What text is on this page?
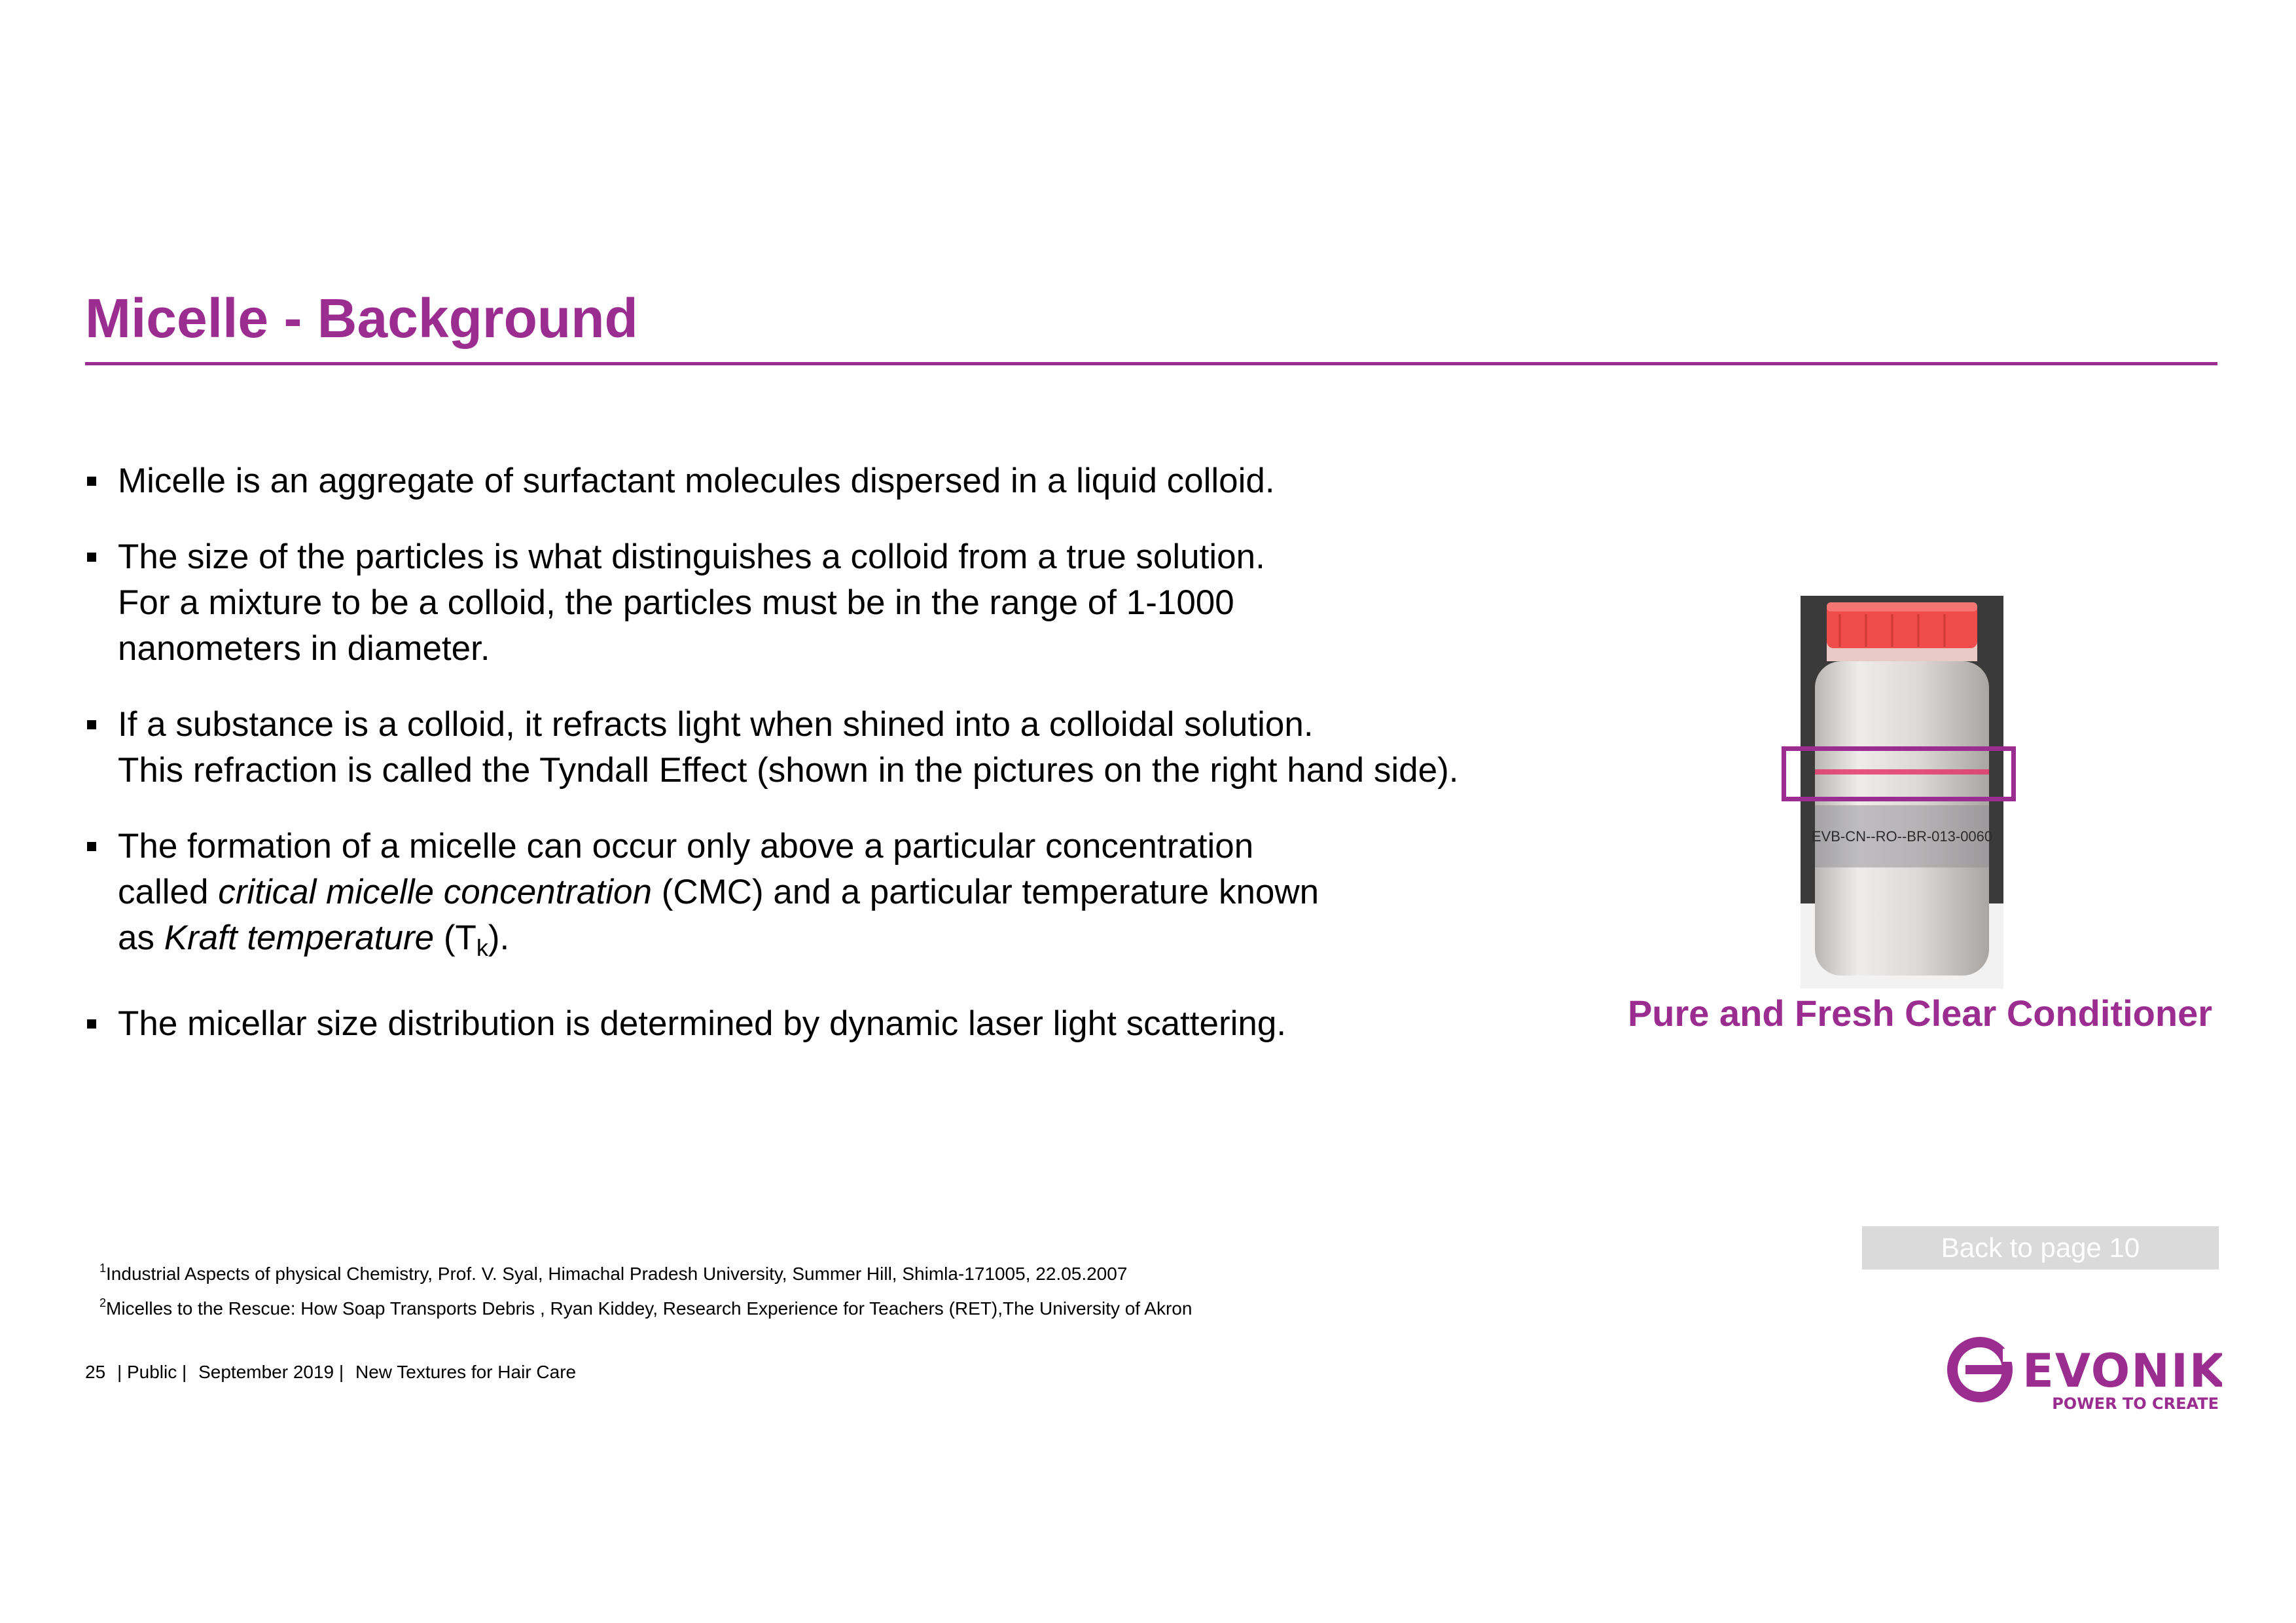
Micelle - Background
Micelle is an aggregate of surfactant molecules dispersed in a liquid colloid.
The size of the particles is what distinguishes a colloid from a true solution.
For a mixture to be a colloid, the particles must be in the range of 1-1000
nanometers in diameter.
If a substance is a colloid, it refracts light when shined into a colloidal solution.
This refraction is called the Tyndall Effect (shown in the pictures on the right hand side).
The formation of a micelle can occur only above a particular concentration
called critical micelle concentration (CMC) and a particular temperature known
as Kraft temperature $(T_k)$.
The micellar size distribution is determined by dynamic laser light scattering.
EVB-CN--RO--BR-013-0060
Pure and Fresh Clear Conditioner
Back to page 10
$^1$Industrial Aspects of physical Chemistry, Prof. V. Syal, Himachal Pradesh University, Summer Hill, Shimla-171005, 22.05.2007
$^2$Micelles to the Rescue: How Soap Transports Debris , Ryan Kiddey, Research Experience for Teachers (RET),The University of Akron
25 | Public | September 2019 | New Textures for Hair Care	EVONIK
POWER TO CREATE
